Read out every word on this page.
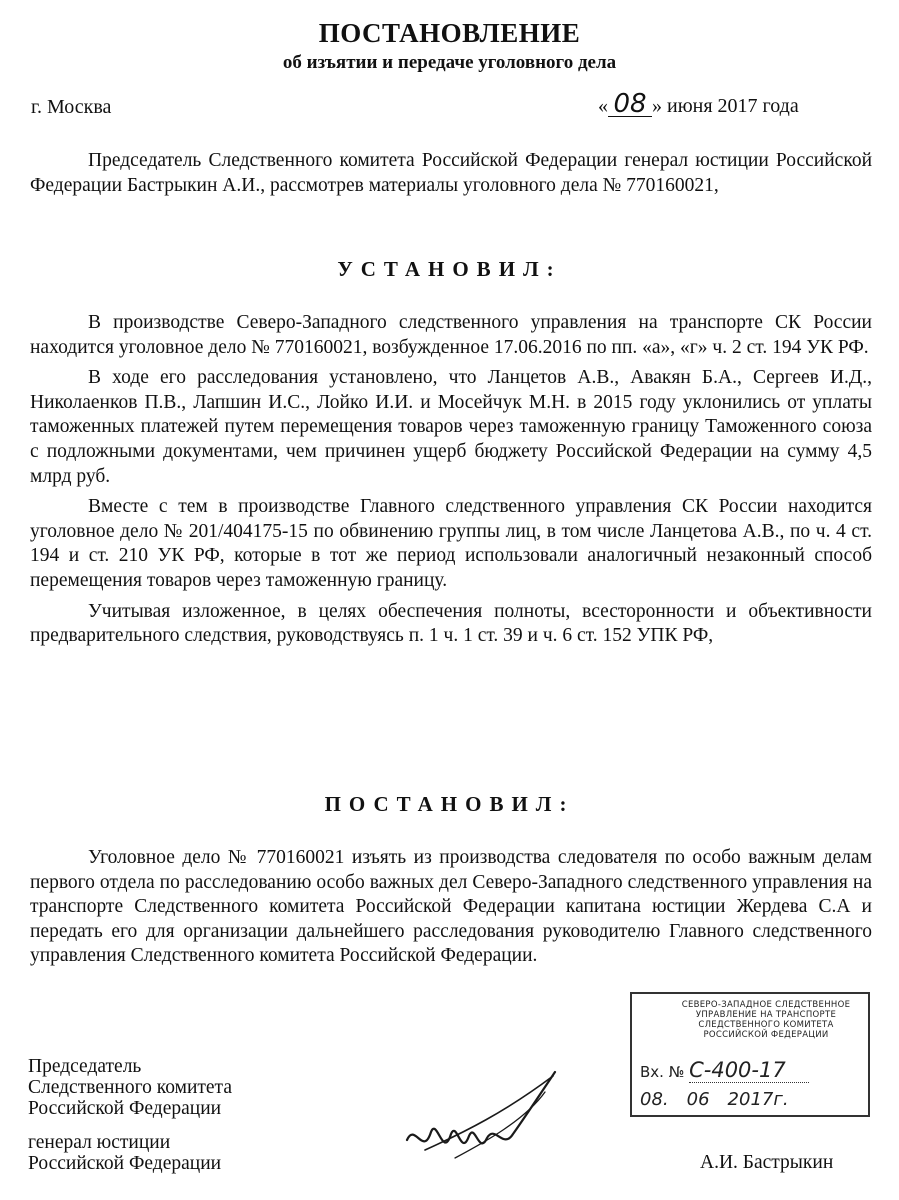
ПОСТАНОВЛЕНИЕ
об изъятии и передаче уголовного дела
г. Москва	« 08 » июня 2017 года

Председатель Следственного комитета Российской Федерации генерал юстиции Российской Федерации Бастрыкин А.И., рассмотрев материалы уголовного дела № 770160021,

УСТАНОВИЛ:

В производстве Северо-Западного следственного управления на транспорте СК России находится уголовное дело № 770160021, возбужденное 17.06.2016 по пп. «а», «г» ч. 2 ст. 194 УК РФ.

В ходе его расследования установлено, что Ланцетов А.В., Авакян Б.А., Сергеев И.Д., Николаенков П.В., Лапшин И.С., Лойко И.И. и Мосейчук М.Н. в 2015 году уклонились от уплаты таможенных платежей путем перемещения товаров через таможенную границу Таможенного союза с подложными документами, чем причинен ущерб бюджету Российской Федерации на сумму 4,5 млрд руб.

Вместе с тем в производстве Главного следственного управления СК России находится уголовное дело № 201/404175-15 по обвинению группы лиц, в том числе Ланцетова А.В., по ч. 4 ст. 194 и ст. 210 УК РФ, которые в тот же период использовали аналогичный незаконный способ перемещения товаров через таможенную границу.

Учитывая изложенное, в целях обеспечения полноты, всесторонности и объективности предварительного следствия, руководствуясь п. 1 ч. 1 ст. 39 и ч. 6 ст. 152 УПК РФ,

ПОСТАНОВИЛ:

Уголовное дело № 770160021 изъять из производства следователя по особо важным делам первого отдела по расследованию особо важных дел Северо-Западного следственного управления на транспорте Следственного комитета Российской Федерации капитана юстиции Жердева С.А и передать его для организации дальнейшего расследования руководителю Главного следственного управления Следственного комитета Российской Федерации.

Председатель
Следственного комитета
Российской Федерации
генерал юстиции
Российской Федерации	А.И. Бастрыкин
СЕВЕРО-ЗАПАДНОЕ СЛЕДСТВЕННОЕ
УПРАВЛЕНИЕ НА ТРАНСПОРТЕ
СЛЕДСТВЕННОГО КОМИТЕТА
РОССИЙСКОЙ ФЕДЕРАЦИИ
Вх. № С-400-17
08. 06 2017г.
